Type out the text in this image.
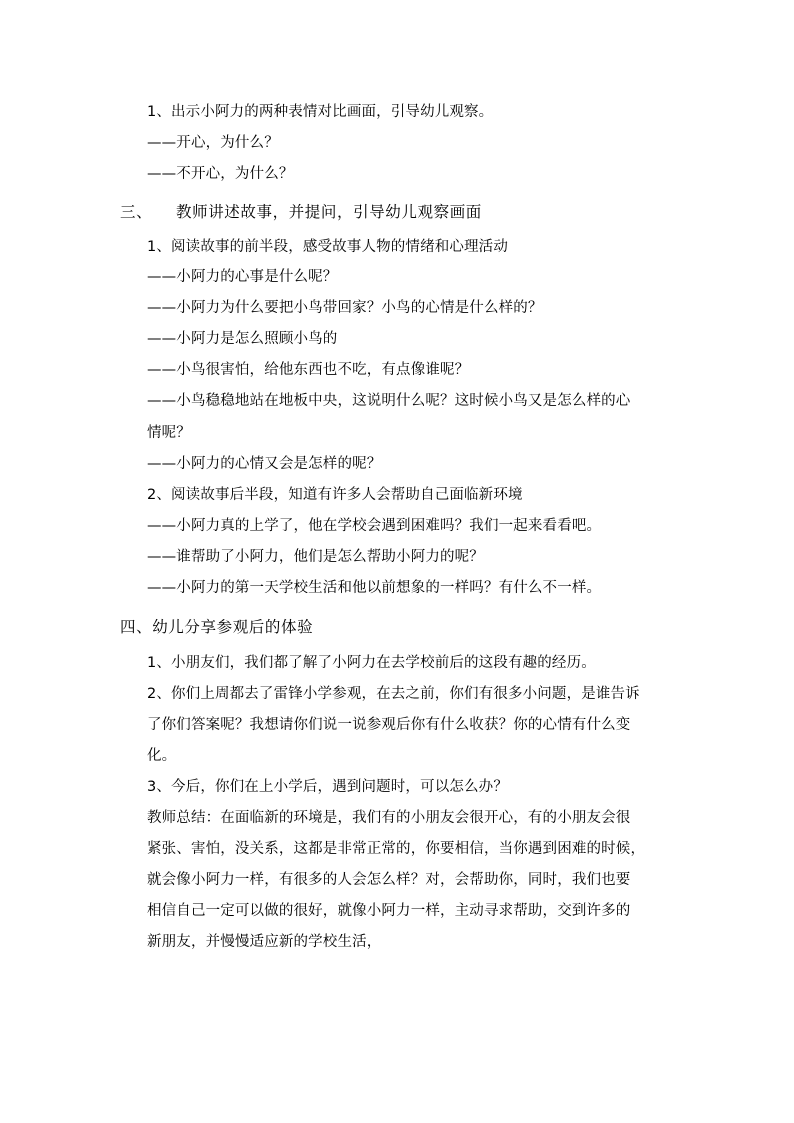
1、出示小阿力的两种表情对比画面，引导幼儿观察。
——开心，为什么？
——不开心，为什么？
三、 教师讲述故事，并提问，引导幼儿观察画面
1、阅读故事的前半段，感受故事人物的情绪和心理活动
——小阿力的心事是什么呢？
——小阿力为什么要把小鸟带回家？小鸟的心情是什么样的？
——小阿力是怎么照顾小鸟的
——小鸟很害怕，给他东西也不吃，有点像谁呢？
——小鸟稳稳地站在地板中央，这说明什么呢？这时候小鸟又是怎么样的心
情呢？
——小阿力的心情又会是怎样的呢？
2、阅读故事后半段，知道有许多人会帮助自己面临新环境
——小阿力真的上学了，他在学校会遇到困难吗？我们一起来看看吧。
——谁帮助了小阿力，他们是怎么帮助小阿力的呢？
——小阿力的第一天学校生活和他以前想象的一样吗？有什么不一样。
四、幼儿分享参观后的体验
1、小朋友们，我们都了解了小阿力在去学校前后的这段有趣的经历。
2、你们上周都去了雷锋小学参观，在去之前，你们有很多小问题，是谁告诉
了你们答案呢？我想请你们说一说参观后你有什么收获？你的心情有什么变
化。
3、今后，你们在上小学后，遇到问题时，可以怎么办？
教师总结：在面临新的环境是，我们有的小朋友会很开心，有的小朋友会很
紧张、害怕，没关系，这都是非常正常的，你要相信，当你遇到困难的时候，
就会像小阿力一样，有很多的人会怎么样？对，会帮助你，同时，我们也要
相信自己一定可以做的很好，就像小阿力一样，主动寻求帮助，交到许多的
新朋友，并慢慢适应新的学校生活，
